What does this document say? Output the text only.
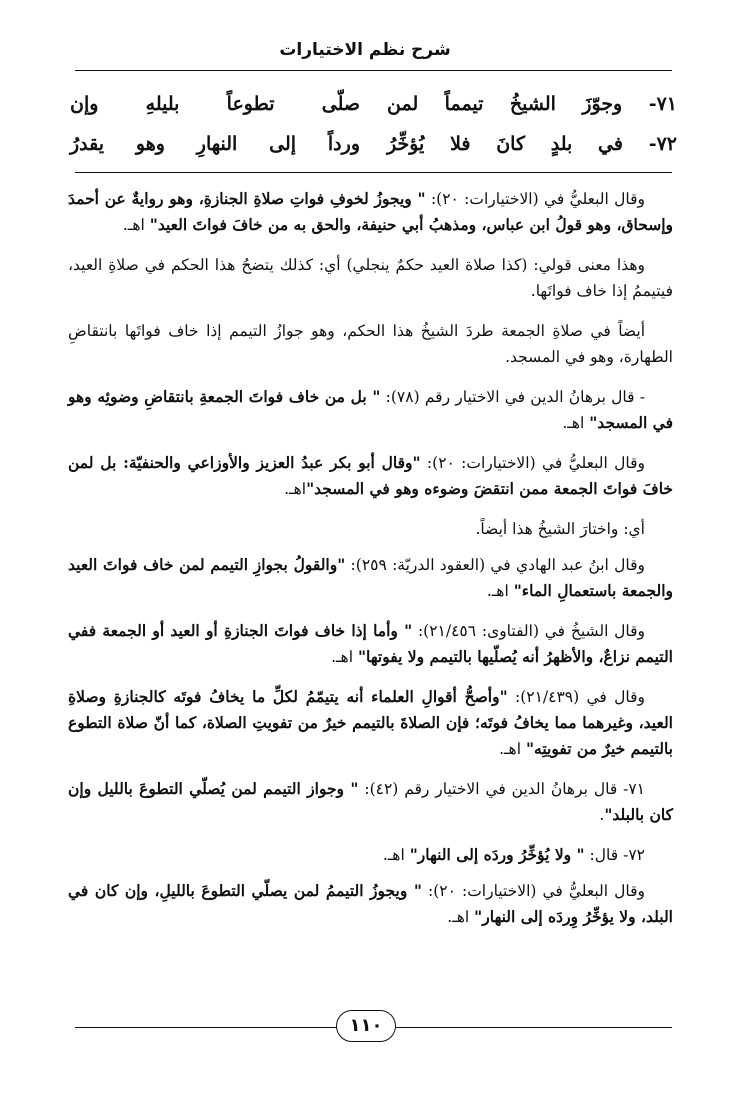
شرح نظم الاختيارات
٧١- وجوّزَ الشيخُ تيمماً لمن
صلّى تطوعاً بليلهِ وإن
٧٢- في بلدٍ كانَ فلا يُؤخِّرُ
ورداً إلى النهارِ وهو يقدرُ

وقال البعليُّ في (الاختيارات: ٢٠): " ويجوزُ لخوفِ فواتِ صلاةِ الجنازةِ، وهو روايةٌ عن أحمدَ وإسحاق، وهو قولُ ابن عباس، ومذهبُ أبي حنيفة، والحق به من خافَ فواتَ العيد" اهـ.

وهذا معنى قولي: (كذا صلاة العيد حكمٌ ينجلي) أي: كذلك يتضحُ هذا الحكم في صلاةِ العيد، فيتيممُ إذا خاف فواتَها.

أيضاً في صلاةِ الجمعة طردَ الشيخُ هذا الحكم، وهو جوازُ التيمم إذا خاف فواتَها بانتقاضِ الطهارة، وهو في المسجد.

- قال برهانُ الدين في الاختيار رقم (٧٨): " بل من خاف فواتَ الجمعةِ بانتقاضِ وضوئِه وهو في المسجد" اهـ.

وقال البعليُّ في (الاختيارات: ٢٠): "وقال أبو بكر عبدُ العزيز والأوزاعي والحنفيّة: بل لمن خافَ فواتَ الجمعة ممن انتقضَ وضوءه وهو في المسجد"اهـ.

أي: واختارَ الشيخُ هذا أيضاً.

وقال ابنُ عبد الهادي في (العقود الدريّة: ٢٥٩): "والقولُ بجوازِ التيمم لمن خاف فواتَ العيد والجمعة باستعمالِ الماء" اهـ.

وقال الشيخُ في (الفتاوى: ٢١/٤٥٦): " وأما إذا خاف فواتَ الجنازةِ أو العيد أو الجمعة ففي التيمم نزاعٌ، والأظهرُ أنه يُصلّيها بالتيمم ولا يفوتها" اهـ.

وقال في (٢١/٤٣٩): "وأصحُّ أقوالِ العلماء أنه يتيمّمُ لكلِّ ما يخافُ فوتَه كالجنازةِ وصلاةِ العيد، وغيرهما مما يخافُ فوتَه؛ فإن الصلاةَ بالتيمم خيرٌ من تفويتِ الصلاة، كما أنّ صلاة التطوع بالتيمم خيرٌ من تفويتِه" اهـ.

٧١- قال برهانُ الدين في الاختيار رقم (٤٢): " وجواز التيمم لمن يُصلّي التطوعَ بالليل وإن كان بالبلد".

٧٢- قال: " ولا يُؤخِّرُ وردَه إلى النهار" اهـ.

وقال البعليُّ في (الاختيارات: ٢٠): " ويجوزُ التيممُ لمن يصلّي التطوعَ بالليلِ، وإن كان في البلد، ولا يؤخِّرُ وِردَه إلى النهار" اهـ.

١١٠
